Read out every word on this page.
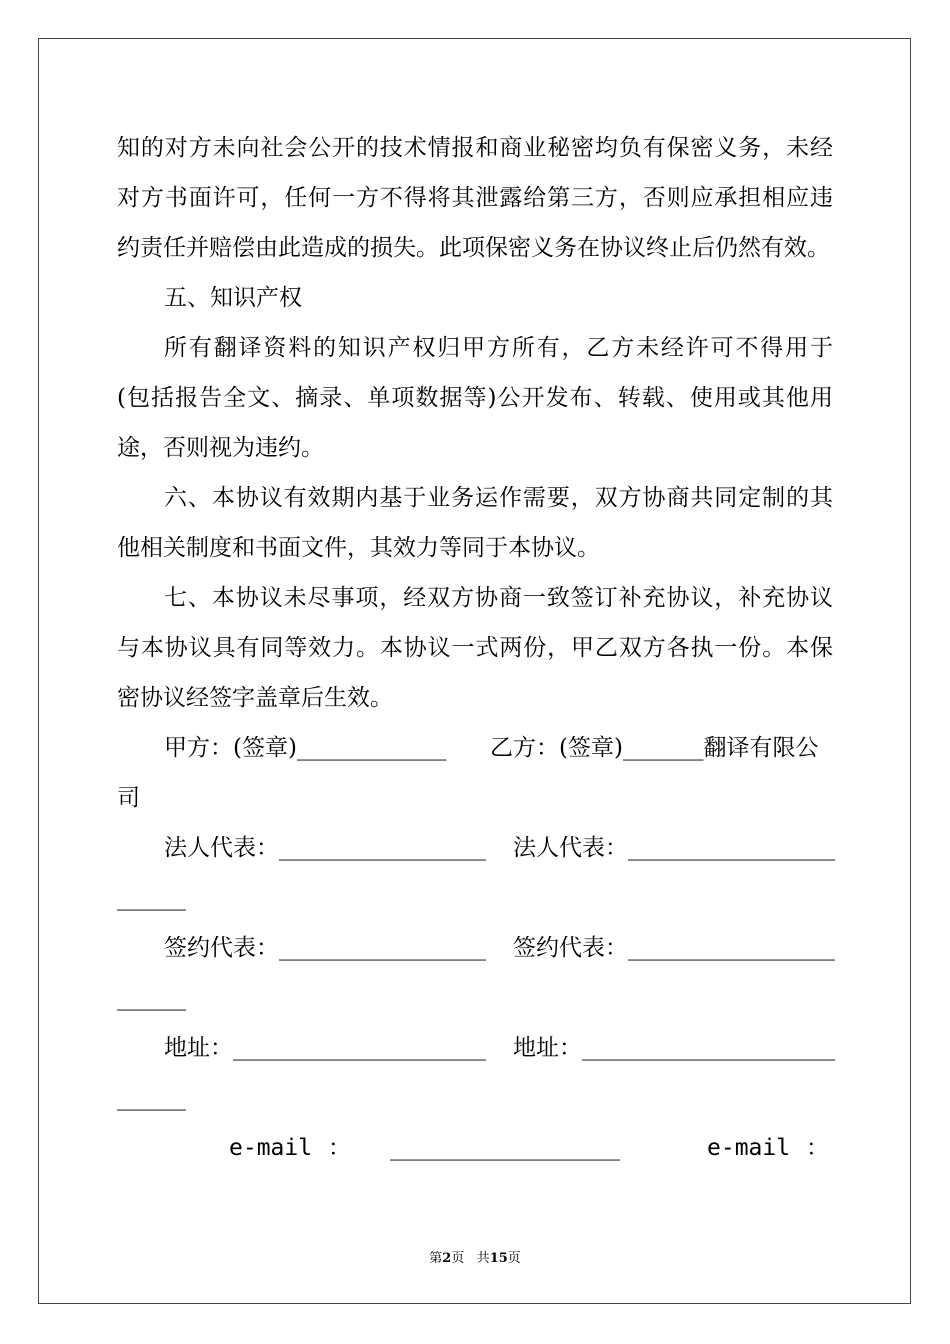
知的对方未向社会公开的技术情报和商业秘密均负有保密义务，未经
对方书面许可，任何一方不得将其泄露给第三方，否则应承担相应违
约责任并赔偿由此造成的损失。此项保密义务在协议终止后仍然有效。
五、知识产权
所有翻译资料的知识产权归甲方所有，乙方未经许可不得用于
(包括报告全文、摘录、单项数据等)公开发布、转载、使用或其他用
途，否则视为违约。
六、本协议有效期内基于业务运作需要，双方协商共同定制的其
他相关制度和书面文件，其效力等同于本协议。
七、本协议未尽事项，经双方协商一致签订补充协议，补充协议
与本协议具有同等效力。本协议一式两份，甲乙双方各执一份。本保
密协议经签字盖章后生效。
甲方：(签章)_____________ 乙方：(签章)_______翻译有限公
司
法人代表：__________________ 法人代表：__________________
______
签约代表：__________________ 签约代表：__________________
______
地址：______________________ 地址：______________________
______
e-mail ： ____________________	e-mail ：
第2页 共15页
